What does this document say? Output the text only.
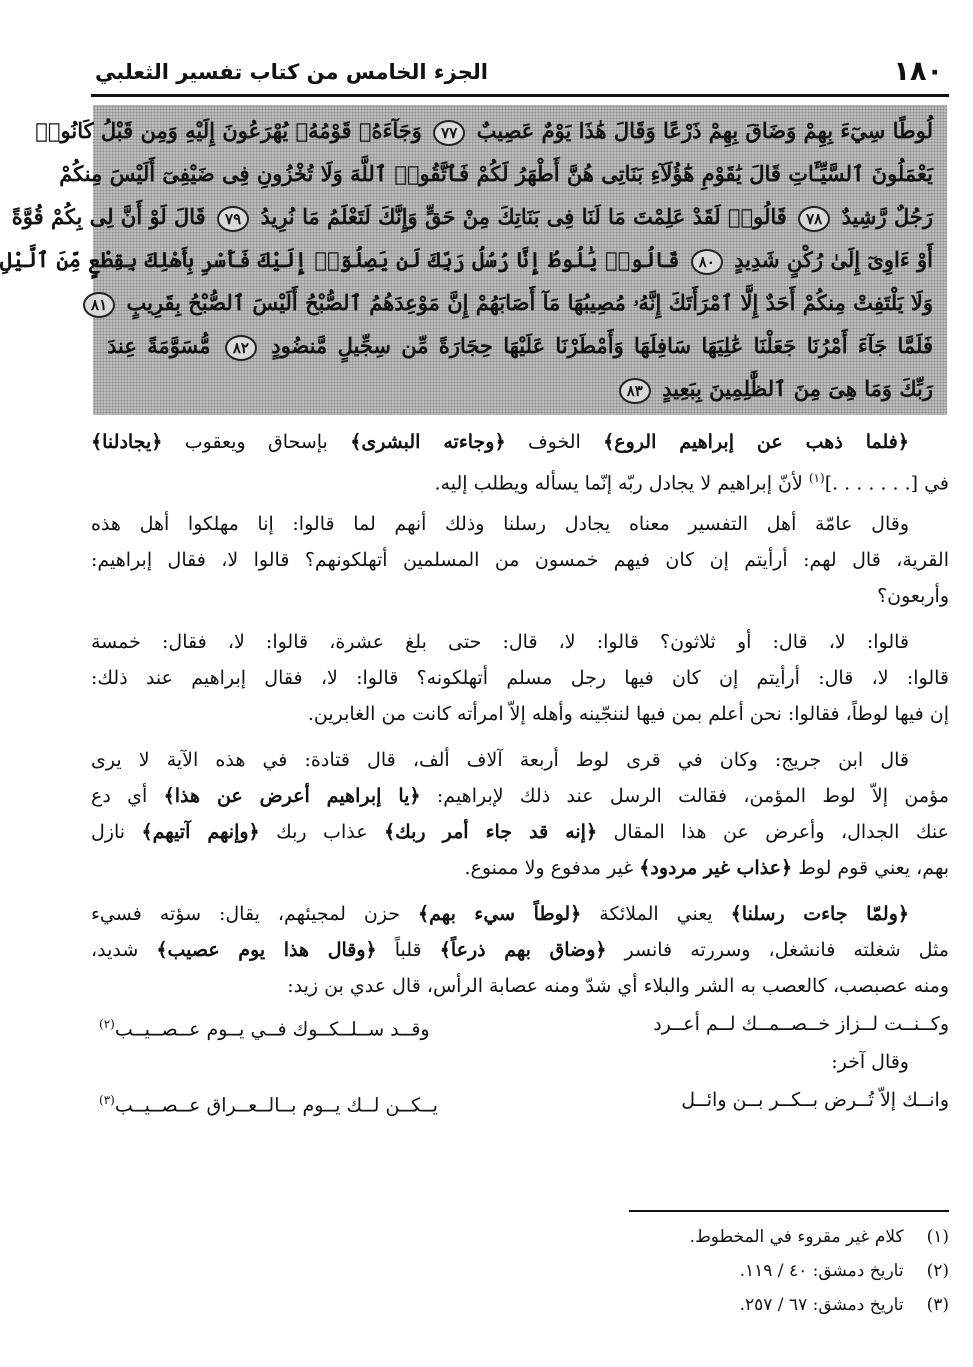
١٨٠
الجزء الخامس من كتاب تفسير الثعلبي
لُوطًا سِيٓءَ بِهِمْ وَضَاقَ بِهِمْ ذَرْعًا وَقَالَ هَٰذَا يَوْمٌ عَصِيبٌ ٧٧ وَجَآءَهُۥ قَوْمُهُۥ يُهْرَعُونَ إِلَيْهِ وَمِن قَبْلُ كَانُوا۟
يَعْمَلُونَ ٱلسَّيِّـَٔاتِ قَالَ يَٰقَوْمِ هَٰٓؤُلَآءِ بَنَاتِى هُنَّ أَطْهَرُ لَكُمْ فَٱتَّقُوا۟ ٱللَّهَ وَلَا تُخْزُونِ فِى ضَيْفِىٓ أَلَيْسَ مِنكُمْ
رَجُلٌ رَّشِيدٌ ٧٨ قَالُوا۟ لَقَدْ عَلِمْتَ مَا لَنَا فِى بَنَاتِكَ مِنْ حَقٍّ وَإِنَّكَ لَتَعْلَمُ مَا نُرِيدُ ٧٩ قَالَ لَوْ أَنَّ لِى بِكُمْ قُوَّةً
أَوْ ءَاوِىٓ إِلَىٰ رُكْنٍ شَدِيدٍ ٨٠ قَالُوا۟ يَٰلُوطُ إِنَّا رُسُلُ رَبِّكَ لَن يَصِلُوٓا۟ إِلَيْكَ فَأَسْرِ بِأَهْلِكَ بِقِطْعٍ مِّنَ ٱلَّيْلِ
وَلَا يَلْتَفِتْ مِنكُمْ أَحَدٌ إِلَّا ٱمْرَأَتَكَ إِنَّهُۥ مُصِيبُهَا مَآ أَصَابَهُمْ إِنَّ مَوْعِدَهُمُ ٱلصُّبْحُ أَلَيْسَ ٱلصُّبْحُ بِقَرِيبٍ ٨١
فَلَمَّا جَآءَ أَمْرُنَا جَعَلْنَا عَٰلِيَهَا سَافِلَهَا وَأَمْطَرْنَا عَلَيْهَا حِجَارَةً مِّن سِجِّيلٍ مَّنضُودٍ ٨٢ مُّسَوَّمَةً عِندَ
رَبِّكَ وَمَا هِىَ مِنَ ٱلظَّٰلِمِينَ بِبَعِيدٍ ٨٣
﴿فلما ذهب عن إبراهيم الروع﴾ الخوف ﴿وجاءته البشرى﴾ بإسحاق ويعقوب ﴿يجادلنا﴾
في [. . . . . . .]$^{(١)}$ لأنّ إبراهيم لا يجادل ربّه إنّما يسأله ويطلب إليه.
وقال عامّة أهل التفسير معناه يجادل رسلنا وذلك أنهم لما قالوا: إنا مهلكوا أهل هذه
القرية، قال لهم: أرأيتم إن كان فيهم خمسون من المسلمين أتهلكونهم؟ قالوا لا، فقال إبراهيم:
وأربعون؟
قالوا: لا، قال: أو ثلاثون؟ قالوا: لا، قال: حتى بلغ عشرة، قالوا: لا، فقال: خمسة
قالوا: لا، قال: أرأيتم إن كان فيها رجل مسلم أتهلكونه؟ قالوا: لا، فقال إبراهيم عند ذلك:
إن فيها لوطاً، فقالوا: نحن أعلم بمن فيها لننجّينه وأهله إلاّ امرأته كانت من الغابرين.
قال ابن جريج: وكان في قرى لوط أربعة آلاف ألف، قال قتادة: في هذه الآية لا يرى
مؤمن إلاّ لوط المؤمن، فقالت الرسل عند ذلك لإبراهيم: ﴿يا إبراهيم أعرض عن هذا﴾ أي دع
عنك الجدال، وأعرض عن هذا المقال ﴿إنه قد جاء أمر ربك﴾ عذاب ربك ﴿وإنهم آتيهم﴾ نازل
بهم، يعني قوم لوط ﴿عذاب غير مردود﴾ غير مدفوع ولا ممنوع.
﴿ولمّا جاءت رسلنا﴾ يعني الملائكة ﴿لوطاً سيء بهم﴾ حزن لمجيئهم، يقال: سؤته فسيء
مثل شغلته فانشغل، وسررته فانسر ﴿وضاق بهم ذرعاً﴾ قلباً ﴿وقال هذا يوم عصيب﴾ شديد،
ومنه عصبصب، كالعصب به الشر والبلاء أي شدّ ومنه عصابة الرأس، قال عدي بن زيد:
وكــنــت لــزاز خــصــمــك لــم أعــرد
وقــد ســلــكــوك فــي يــوم عــصــيــب$^{(٢)}$
وقال آخر:
وانــك إلاّ تُــرض بــكــر بــن وائــل
يــكــن لــك يــوم بــالــعــراق عــصــيــب$^{(٣)}$
(١) كلام غير مقروء في المخطوط.
(٢) تاريخ دمشق: ٤٠ / ١١٩.
(٣) تاريخ دمشق: ٦٧ / ٢٥٧.
